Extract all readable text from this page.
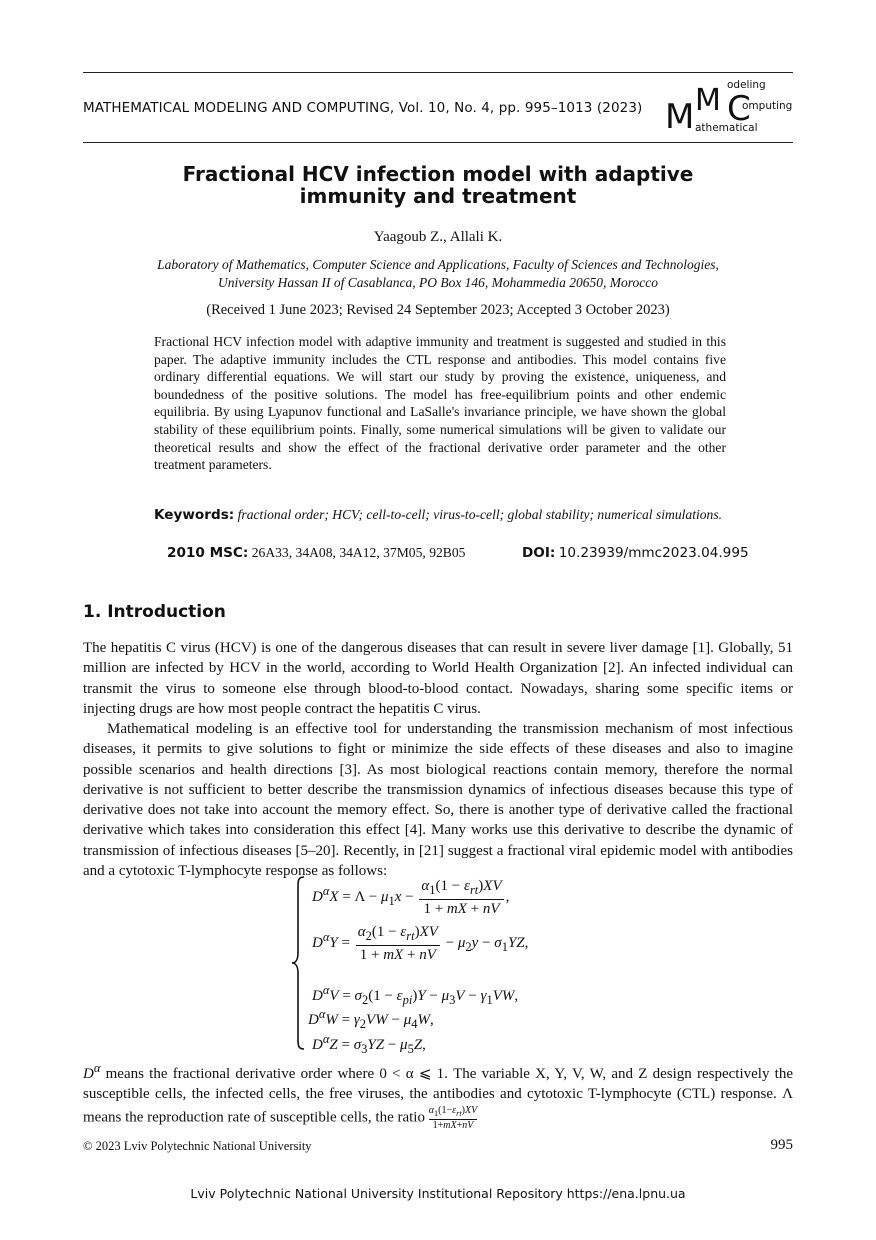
MATHEMATICAL MODELING AND COMPUTING, Vol. 10, No. 4, pp. 995–1013 (2023) M M C
odeling
omputing
athematical
Fractional HCV infection model with adaptive
immunity and treatment
Yaagoub Z., Allali K.
Laboratory of Mathematics, Computer Science and Applications, Faculty of Sciences and Technologies,
University Hassan II of Casablanca, PO Box 146, Mohammedia 20650, Morocco
(Received 1 June 2023; Revised 24 September 2023; Accepted 3 October 2023)
Fractional HCV infection model with adaptive immunity and treatment is suggested and studied in this paper. The adaptive immunity includes the CTL response and antibodies. This model contains five ordinary differential equations. We will start our study by proving the existence, uniqueness, and boundedness of the positive solutions. The model has free-equilibrium points and other endemic equilibria. By using Lyapunov functional and LaSalle's invariance principle, we have shown the global stability of these equilibrium points. Finally, some numerical simulations will be given to validate our theoretical results and show the effect of the fractional derivative order parameter and the other treatment parameters.
Keywords: fractional order; HCV; cell-to-cell; virus-to-cell; global stability; numerical simulations.
2010 MSC: 26A33, 34A08, 34A12, 37M05, 92B05	DOI: 10.23939/mmc2023.04.995
1. Introduction
The hepatitis C virus (HCV) is one of the dangerous diseases that can result in severe liver damage [1]. Globally, 51 million are infected by HCV in the world, according to World Health Organization [2]. An infected individual can transmit the virus to someone else through blood-to-blood contact. Nowadays, sharing some specific items or injecting drugs are how most people contract the hepatitis C virus.
Mathematical modeling is an effective tool for understanding the transmission mechanism of most infectious diseases, it permits to give solutions to fight or minimize the side effects of these diseases and also to imagine possible scenarios and health directions [3]. As most biological reactions contain memory, therefore the normal derivative is not sufficient to better describe the transmission dynamics of infectious diseases because this type of derivative does not take into account the memory effect. So, there is another type of derivative called the fractional derivative which takes into consideration this effect [4]. Many works use this derivative to describe the dynamic of transmission of infectious diseases [5–20]. Recently, in [21] suggest a fractional viral epidemic model with antibodies and a cytotoxic T-lymphocyte response as follows:
$D^\alpha X = \Lambda - \mu_1x - \frac{\alpha_1(1 - \varepsilon_{rt})XV}{1 + mX + nV}$ ,
$D^\alpha Y = \frac{\alpha_2(1 - \varepsilon_{rt})XV}{1 + mX + nV} - \mu_2y - \sigma_1YZ$,
$D^\alpha V = \sigma_2(1 - \varepsilon_{pi})Y - \mu_3V - \gamma_1VW$,
$D^\alpha W = \gamma_2VW - \mu_4W$,
$D^\alpha Z = \sigma_3YZ - \mu_5Z$,
$D^\alpha$ means the fractional derivative order where 0 < α ⩽ 1. The variable X, Y, V, W, and Z design respectively the susceptible cells, the infected cells, the free viruses, the antibodies and cytotoxic T-lymphocyte (CTL) response. Λ means the reproduction rate of susceptible cells, the ratio $\frac{\alpha_1(1-\varepsilon_{rt})XV}{1+mX+nV}$
© 2023 Lviv Polytechnic National University	995
Lviv Polytechnic National University Institutional Repository https://ena.lpnu.ua
